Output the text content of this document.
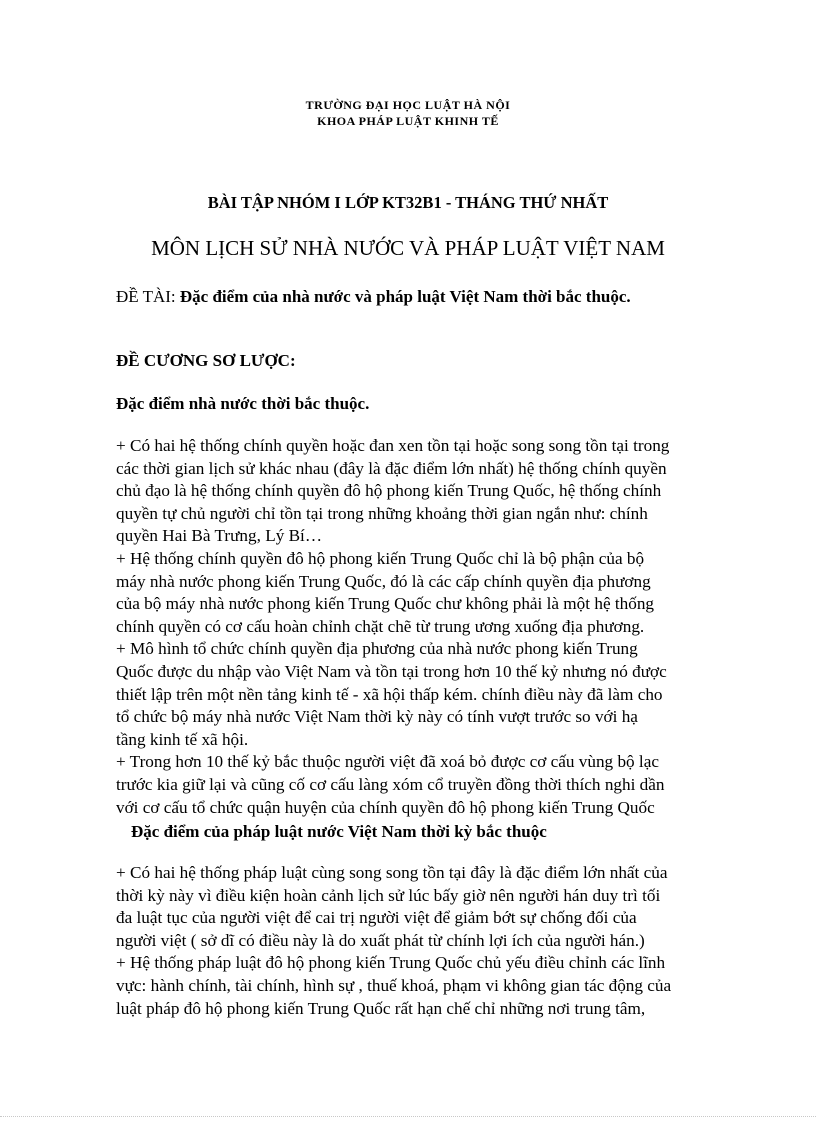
TRƯỜNG ĐẠI HỌC LUẬT HÀ NỘI
KHOA PHÁP LUẬT KHINH TẾ
BÀI TẬP NHÓM I LỚP KT32B1 - THÁNG THỨ NHẤT
MÔN LỊCH SỬ NHÀ NƯỚC VÀ PHÁP LUẬT VIỆT NAM
ĐỀ TÀI: Đặc điểm của nhà nước và pháp luật Việt Nam thời bắc thuộc.
ĐỀ CƯƠNG SƠ LƯỢC:
Đặc điểm nhà nước thời bắc thuộc.
+ Có hai hệ thống chính quyền hoặc đan xen tồn tại hoặc song song tồn tại trong
các thời gian lịch sử khác nhau (đây là đặc điểm lớn nhất) hệ thống chính quyền
chủ đạo là hệ thống chính quyền đô hộ phong kiến Trung Quốc, hệ thống chính
quyền tự chủ người chỉ tồn tại trong những khoảng thời gian ngắn như: chính
quyền Hai Bà Trưng, Lý Bí…
+ Hệ thống chính quyền đô hộ phong kiến Trung Quốc chỉ là bộ phận của bộ
máy nhà nước phong kiến Trung Quốc, đó là các cấp chính quyền địa phương
của bộ máy nhà nước phong kiến Trung Quốc chư không phải là một hệ thống
chính quyền có cơ cấu hoàn chỉnh chặt chẽ từ trung ương xuống địa phương.
+ Mô hình tổ chức chính quyền địa phương của nhà nước phong kiến Trung
Quốc được du nhập vào Việt Nam và tồn tại trong hơn 10 thế kỷ nhưng nó được
thiết lập trên một nền tảng kinh tế - xã hội thấp kém. chính điều này đã làm cho
tổ chức bộ máy nhà nước Việt Nam thời kỳ này có tính vượt trước so với hạ
tầng kinh tế xã hội.
+ Trong hơn 10 thế kỷ bắc thuộc người việt đã xoá bỏ được cơ cấu vùng bộ lạc
trước kia giữ lại và cũng cố cơ cấu làng xóm cổ truyền đồng thời thích nghi dần
với cơ cấu tổ chức quận huyện của chính quyền đô hộ phong kiến Trung Quốc
Đặc điểm của pháp luật nước Việt Nam thời kỳ bắc thuộc
+ Có hai hệ thống pháp luật cùng song song tồn tại đây là đặc điểm lớn nhất của
thời kỳ này vì điều kiện hoàn cảnh lịch sử lúc bấy giờ nên người hán duy trì tối
đa luật tục của người việt để cai trị người việt để giảm bớt sự chống đối của
người việt ( sở dĩ có điều này là do xuất phát từ chính lợi ích của người hán.)
+ Hệ thống pháp luật đô hộ phong kiến Trung Quốc chủ yếu điều chỉnh các lĩnh
vực: hành chính, tài chính, hình sự , thuế khoá, phạm vi không gian tác động của
luật pháp đô hộ phong kiến Trung Quốc rất hạn chế chỉ những nơi trung tâm,
